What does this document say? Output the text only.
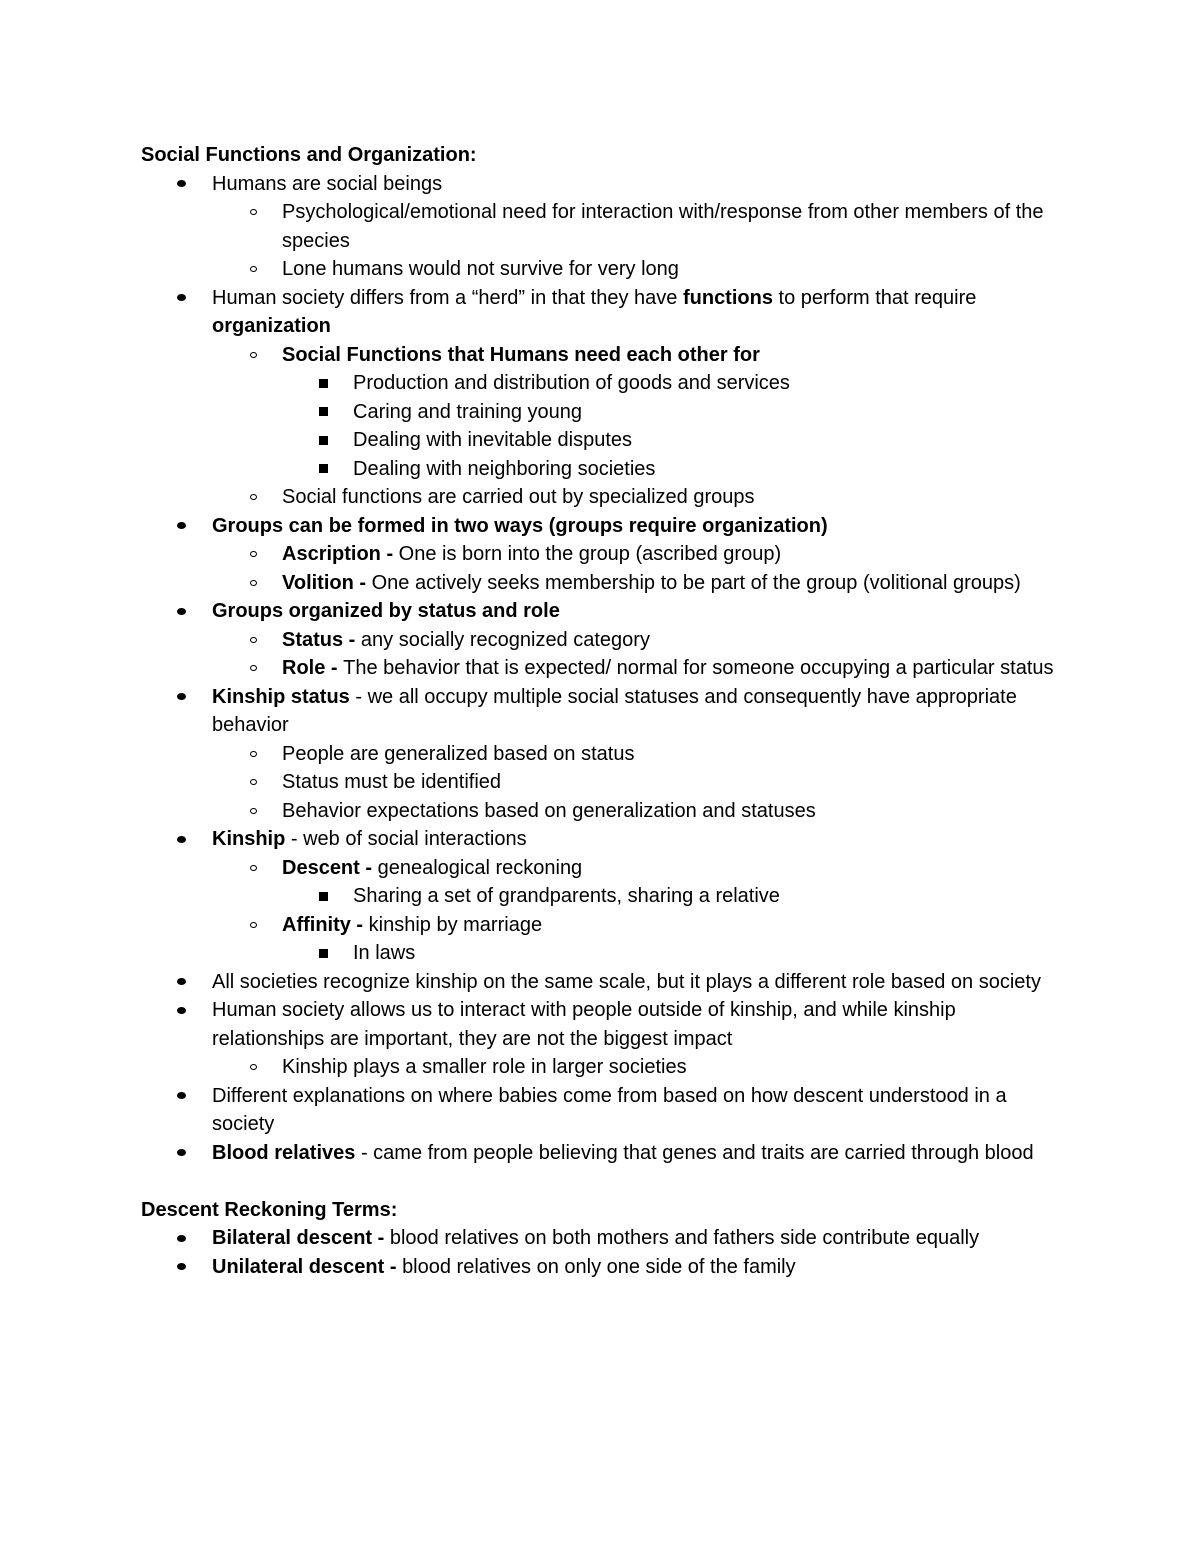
Social Functions and Organization:

Humans are social beings
Psychological/emotional need for interaction with/response from other members of the species
Lone humans would not survive for very long
Human society differs from a “herd” in that they have functions to perform that require organization
Social Functions that Humans need each other for
Production and distribution of goods and services
Caring and training young
Dealing with inevitable disputes
Dealing with neighboring societies
Social functions are carried out by specialized groups
Groups can be formed in two ways (groups require organization)
Ascription - One is born into the group (ascribed group)
Volition - One actively seeks membership to be part of the group (volitional groups)
Groups organized by status and role
Status - any socially recognized category
Role - The behavior that is expected/ normal for someone occupying a particular status
Kinship status - we all occupy multiple social statuses and consequently have appropriate behavior
People are generalized based on status
Status must be identified
Behavior expectations based on generalization and statuses
Kinship - web of social interactions
Descent - genealogical reckoning
Sharing a set of grandparents, sharing a relative
Affinity - kinship by marriage
In laws
All societies recognize kinship on the same scale, but it plays a different role based on society
Human society allows us to interact with people outside of kinship, and while kinship relationships are important, they are not the biggest impact
Kinship plays a smaller role in larger societies
Different explanations on where babies come from based on how descent understood in a society
Blood relatives - came from people believing that genes and traits are carried through blood

Descent Reckoning Terms:

Bilateral descent - blood relatives on both mothers and fathers side contribute equally
Unilateral descent - blood relatives on only one side of the family
